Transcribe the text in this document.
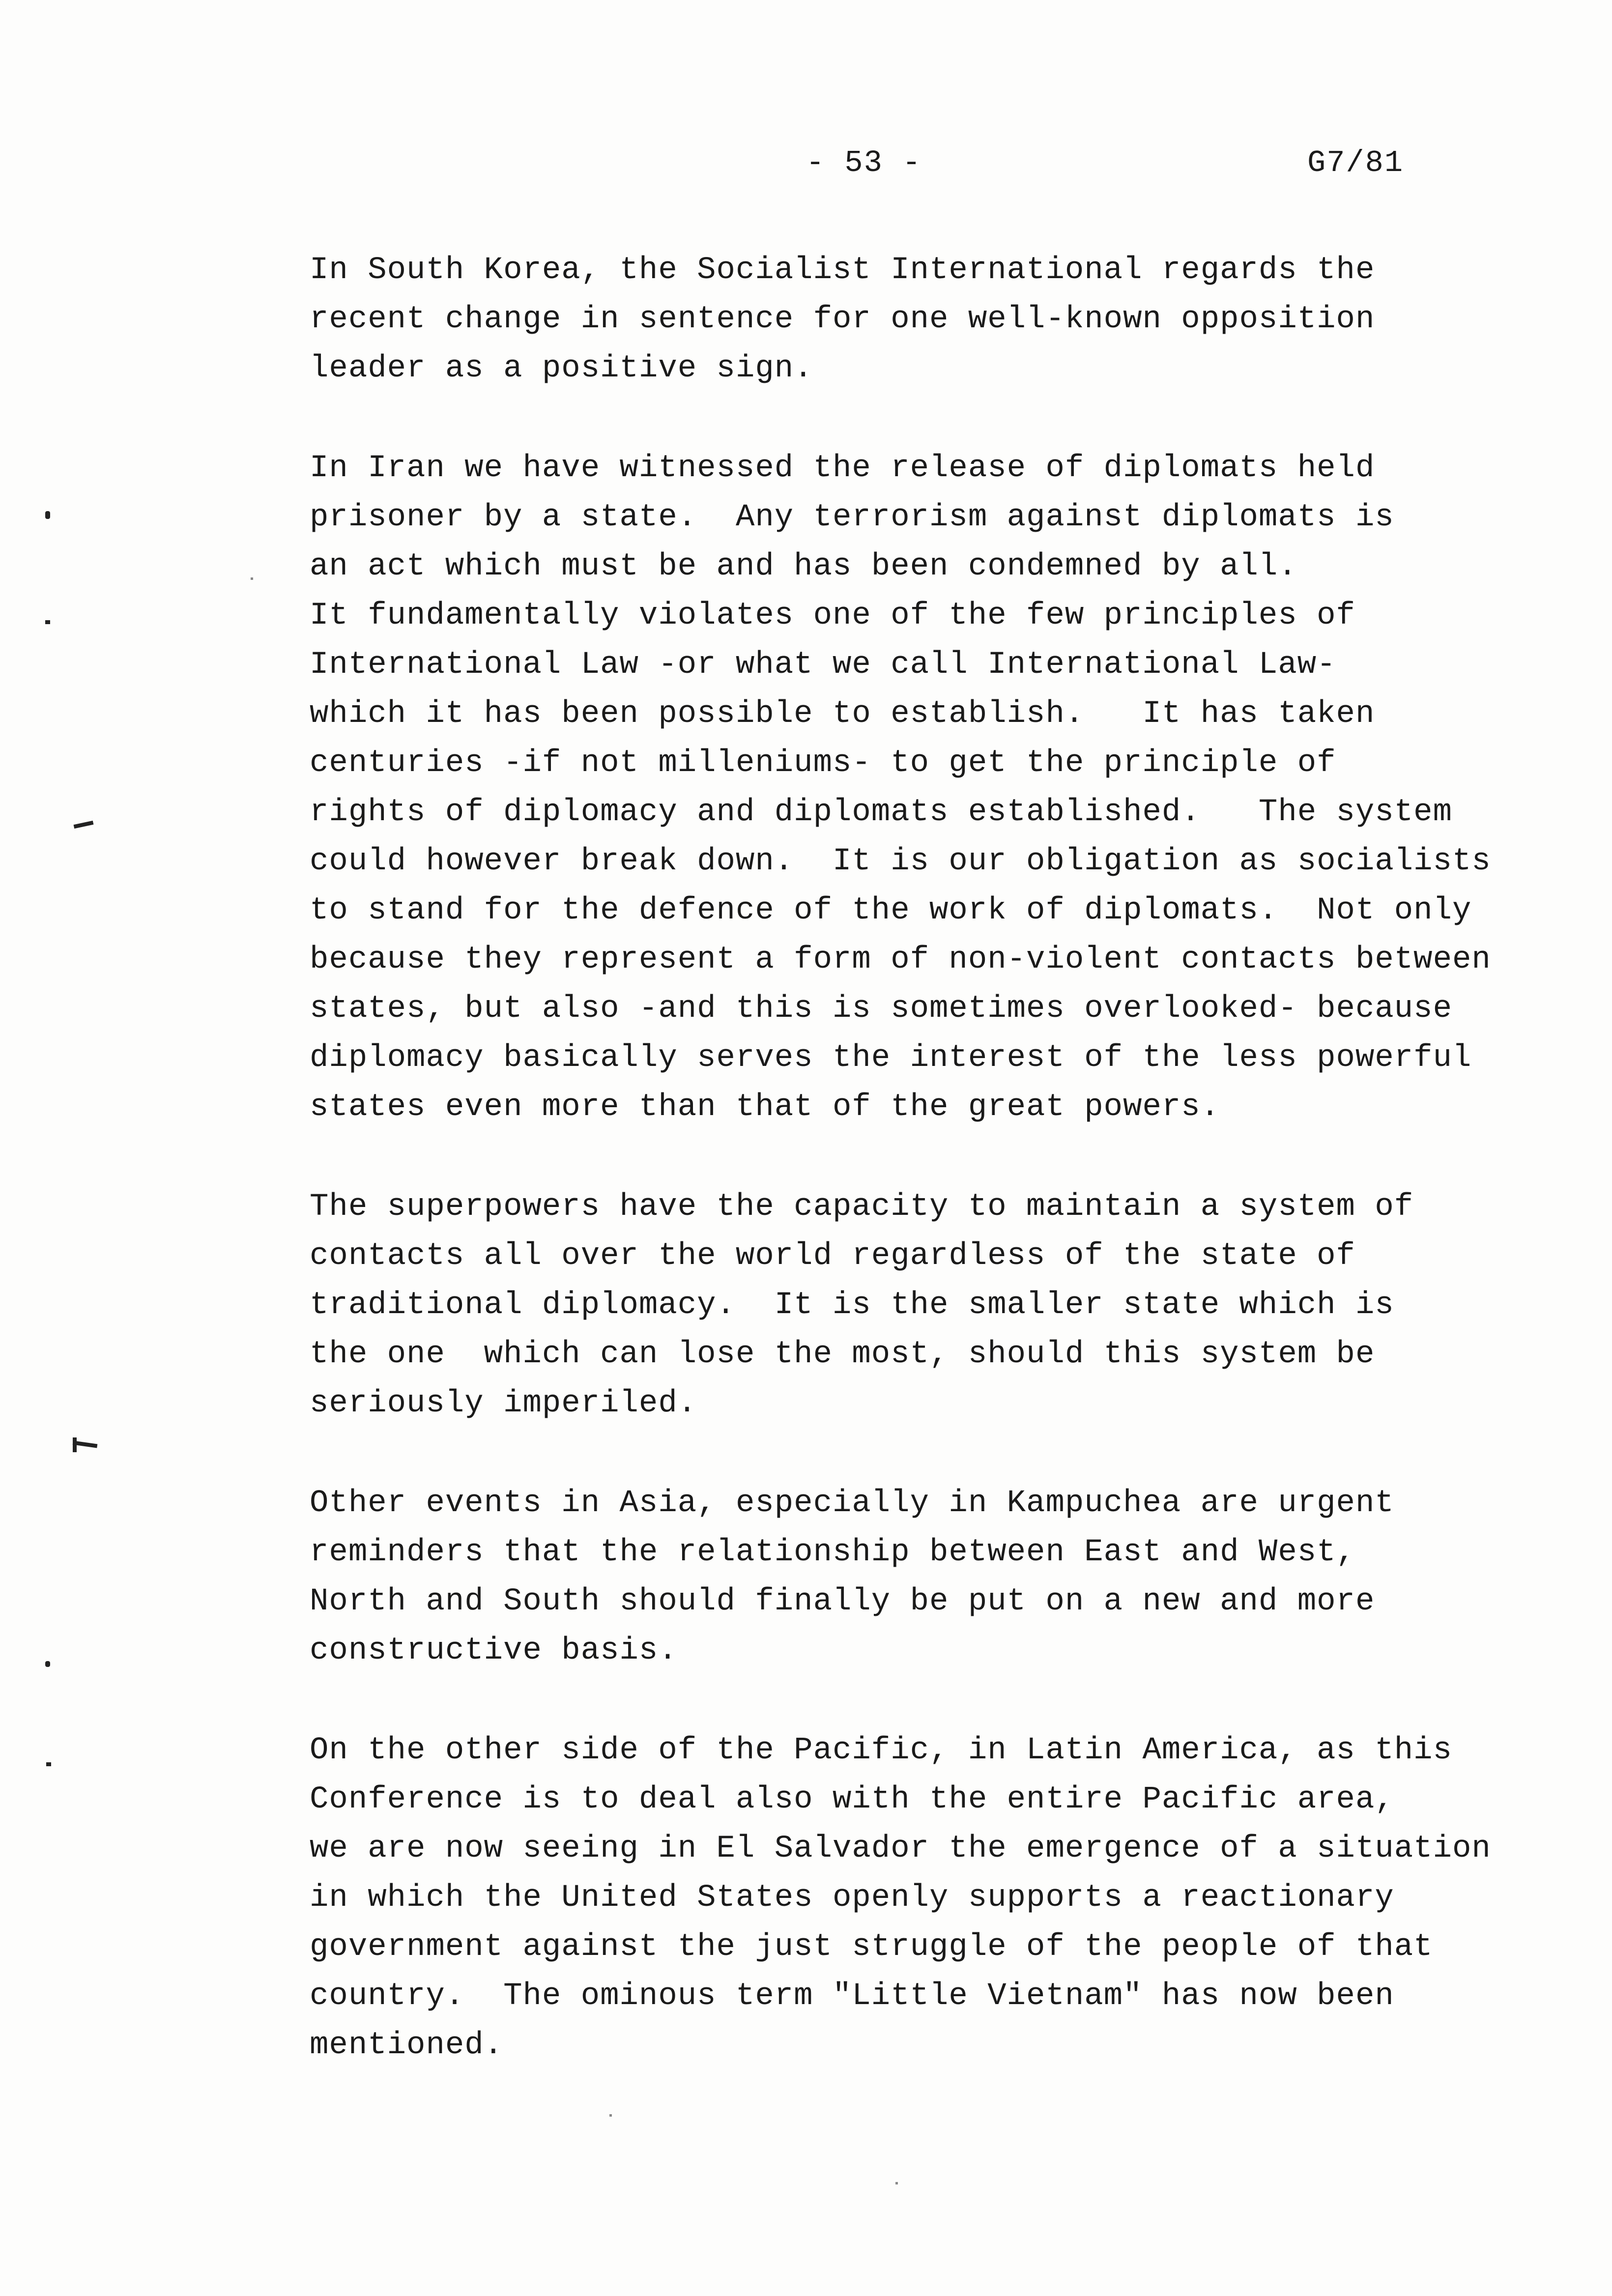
- 53 -	G7/81
In South Korea, the Socialist International regards the
recent change in sentence for one well-known opposition
leader as a positive sign.
In Iran we have witnessed the release of diplomats held
prisoner by a state.  Any terrorism against diplomats is
an act which must be and has been condemned by all.
It fundamentally violates one of the few principles of
International Law -or what we call International Law-
which it has been possible to establish.   It has taken
centuries -if not milleniums- to get the principle of
rights of diplomacy and diplomats established.   The system
could however break down.  It is our obligation as socialists
to stand for the defence of the work of diplomats.  Not only
because they represent a form of non-violent contacts between
states, but also -and this is sometimes overlooked- because
diplomacy basically serves the interest of the less powerful
states even more than that of the great powers.
The superpowers have the capacity to maintain a system of
contacts all over the world regardless of the state of
traditional diplomacy.  It is the smaller state which is
the one  which can lose the most, should this system be
seriously imperiled.
Other events in Asia, especially in Kampuchea are urgent
reminders that the relationship between East and West,
North and South should finally be put on a new and more
constructive basis.
On the other side of the Pacific, in Latin America, as this
Conference is to deal also with the entire Pacific area,
we are now seeing in El Salvador the emergence of a situation
in which the United States openly supports a reactionary
government against the just struggle of the people of that
country.  The ominous term "Little Vietnam" has now been
mentioned.
